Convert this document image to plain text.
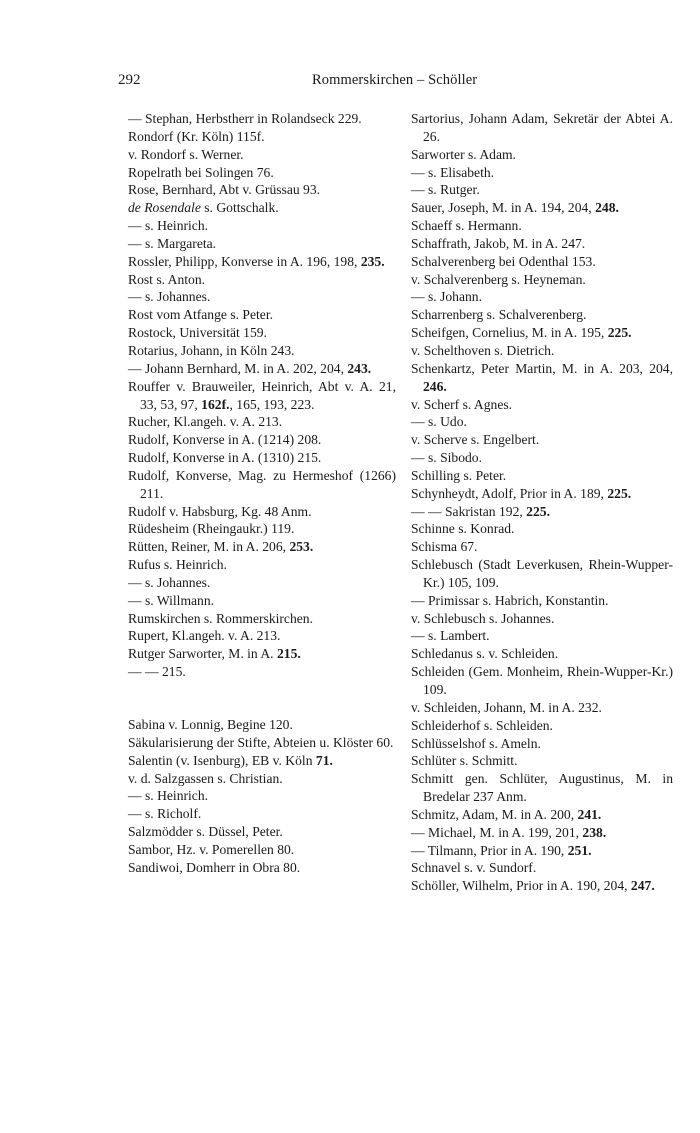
292	Rommerskirchen – Schöller

— Stephan, Herbstherr in Rolandseck 229.

Rondorf (Kr. Köln) 115f.

v. Rondorf s. Werner.

Ropelrath bei Solingen 76.

Rose, Bernhard, Abt v. Grüssau 93.

de Rosendale s. Gottschalk.

— s. Heinrich.

— s. Margareta.

Rossler, Philipp, Konverse in A. 196, 198, 235.

Rost s. Anton.

— s. Johannes.

Rost vom Atfange s. Peter.

Rostock, Universität 159.

Rotarius, Johann, in Köln 243.

— Johann Bernhard, M. in A. 202, 204, 243.

Rouffer v. Brauweiler, Heinrich, Abt v. A. 21, 33, 53, 97, 162f., 165, 193, 223.

Rucher, Kl.angeh. v. A. 213.

Rudolf, Konverse in A. (1214) 208.

Rudolf, Konverse in A. (1310) 215.

Rudolf, Konverse, Mag. zu Hermeshof (1266) 211.

Rudolf v. Habsburg, Kg. 48 Anm.

Rüdesheim (Rheingaukr.) 119.

Rütten, Reiner, M. in A. 206, 253.

Rufus s. Heinrich.

— s. Johannes.

— s. Willmann.

Rumskirchen s. Rommerskirchen.

Rupert, Kl.angeh. v. A. 213.

Rutger Sarworter, M. in A. 215.

— — 215.

Sabina v. Lonnig, Begine 120.

Säkularisierung der Stifte, Abteien u. Klöster 60.

Salentin (v. Isenburg), EB v. Köln 71.

v. d. Salzgassen s. Christian.

— s. Heinrich.

— s. Richolf.

Salzmödder s. Düssel, Peter.

Sambor, Hz. v. Pomerellen 80.

Sandiwoi, Domherr in Obra 80.

Sartorius, Johann Adam, Sekretär der Abtei A. 26.

Sarworter s. Adam.

— s. Elisabeth.

— s. Rutger.

Sauer, Joseph, M. in A. 194, 204, 248.

Schaeff s. Hermann.

Schaffrath, Jakob, M. in A. 247.

Schalverenberg bei Odenthal 153.

v. Schalverenberg s. Heyneman.

— s. Johann.

Scharrenberg s. Schalverenberg.

Scheifgen, Cornelius, M. in A. 195, 225.

v. Schelthoven s. Dietrich.

Schenkartz, Peter Martin, M. in A. 203, 204, 246.

v. Scherf s. Agnes.

— s. Udo.

v. Scherve s. Engelbert.

— s. Sibodo.

Schilling s. Peter.

Schynheydt, Adolf, Prior in A. 189, 225.

— — Sakristan 192, 225.

Schinne s. Konrad.

Schisma 67.

Schlebusch (Stadt Leverkusen, Rhein-Wupper-Kr.) 105, 109.

— Primissar s. Habrich, Konstantin.

v. Schlebusch s. Johannes.

— s. Lambert.

Schledanus s. v. Schleiden.

Schleiden (Gem. Monheim, Rhein-Wupper-Kr.) 109.

v. Schleiden, Johann, M. in A. 232.

Schleiderhof s. Schleiden.

Schlüsselshof s. Ameln.

Schlüter s. Schmitt.

Schmitt gen. Schlüter, Augustinus, M. in Bredelar 237 Anm.

Schmitz, Adam, M. in A. 200, 241.

— Michael, M. in A. 199, 201, 238.

— Tilmann, Prior in A. 190, 251.

Schnavel s. v. Sundorf.

Schöller, Wilhelm, Prior in A. 190, 204, 247.
